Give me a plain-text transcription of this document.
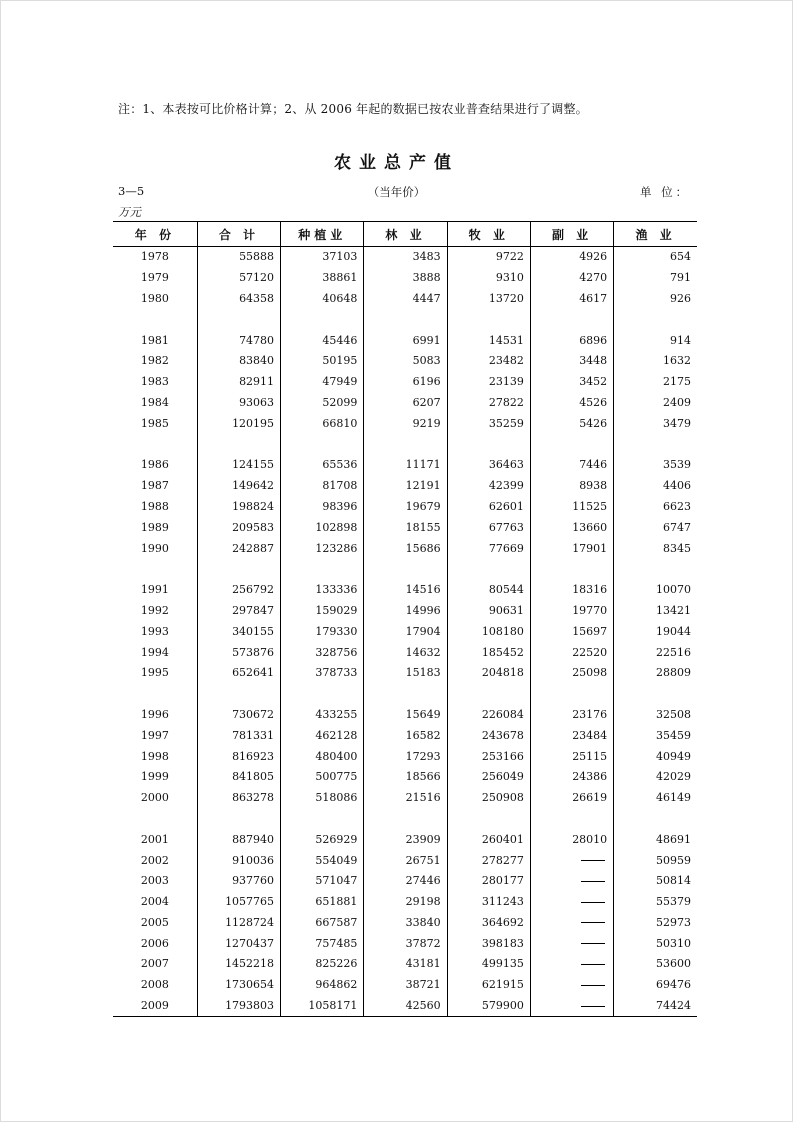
注：1、本表按可比价格计算；2、从 2006 年起的数据已按农业普查结果进行了调整。
农业总产值
3—5	（当年价）	单 位：
万元
年 份	合 计	种植业	林 业	牧 业	副 业	渔 业
1978	55888	37103	3483	9722	4926	654
1979	57120	38861	3888	9310	4270	791
1980	64358	40648	4447	13720	4617	926

1981	74780	45446	6991	14531	6896	914
1982	83840	50195	5083	23482	3448	1632
1983	82911	47949	6196	23139	3452	2175
1984	93063	52099	6207	27822	4526	2409
1985	120195	66810	9219	35259	5426	3479

1986	124155	65536	11171	36463	7446	3539
1987	149642	81708	12191	42399	8938	4406
1988	198824	98396	19679	62601	11525	6623
1989	209583	102898	18155	67763	13660	6747
1990	242887	123286	15686	77669	17901	8345

1991	256792	133336	14516	80544	18316	10070
1992	297847	159029	14996	90631	19770	13421
1993	340155	179330	17904	108180	15697	19044
1994	573876	328756	14632	185452	22520	22516
1995	652641	378733	15183	204818	25098	28809

1996	730672	433255	15649	226084	23176	32508
1997	781331	462128	16582	243678	23484	35459
1998	816923	480400	17293	253166	25115	40949
1999	841805	500775	18566	256049	24386	42029
2000	863278	518086	21516	250908	26619	46149

2001	887940	526929	23909	260401	28010	48691
2002	910036	554049	26751	278277		50959
2003	937760	571047	27446	280177		50814
2004	1057765	651881	29198	311243		55379
2005	1128724	667587	33840	364692		52973
2006	1270437	757485	37872	398183		50310
2007	1452218	825226	43181	499135		53600
2008	1730654	964862	38721	621915		69476
2009	1793803	1058171	42560	579900		74424
